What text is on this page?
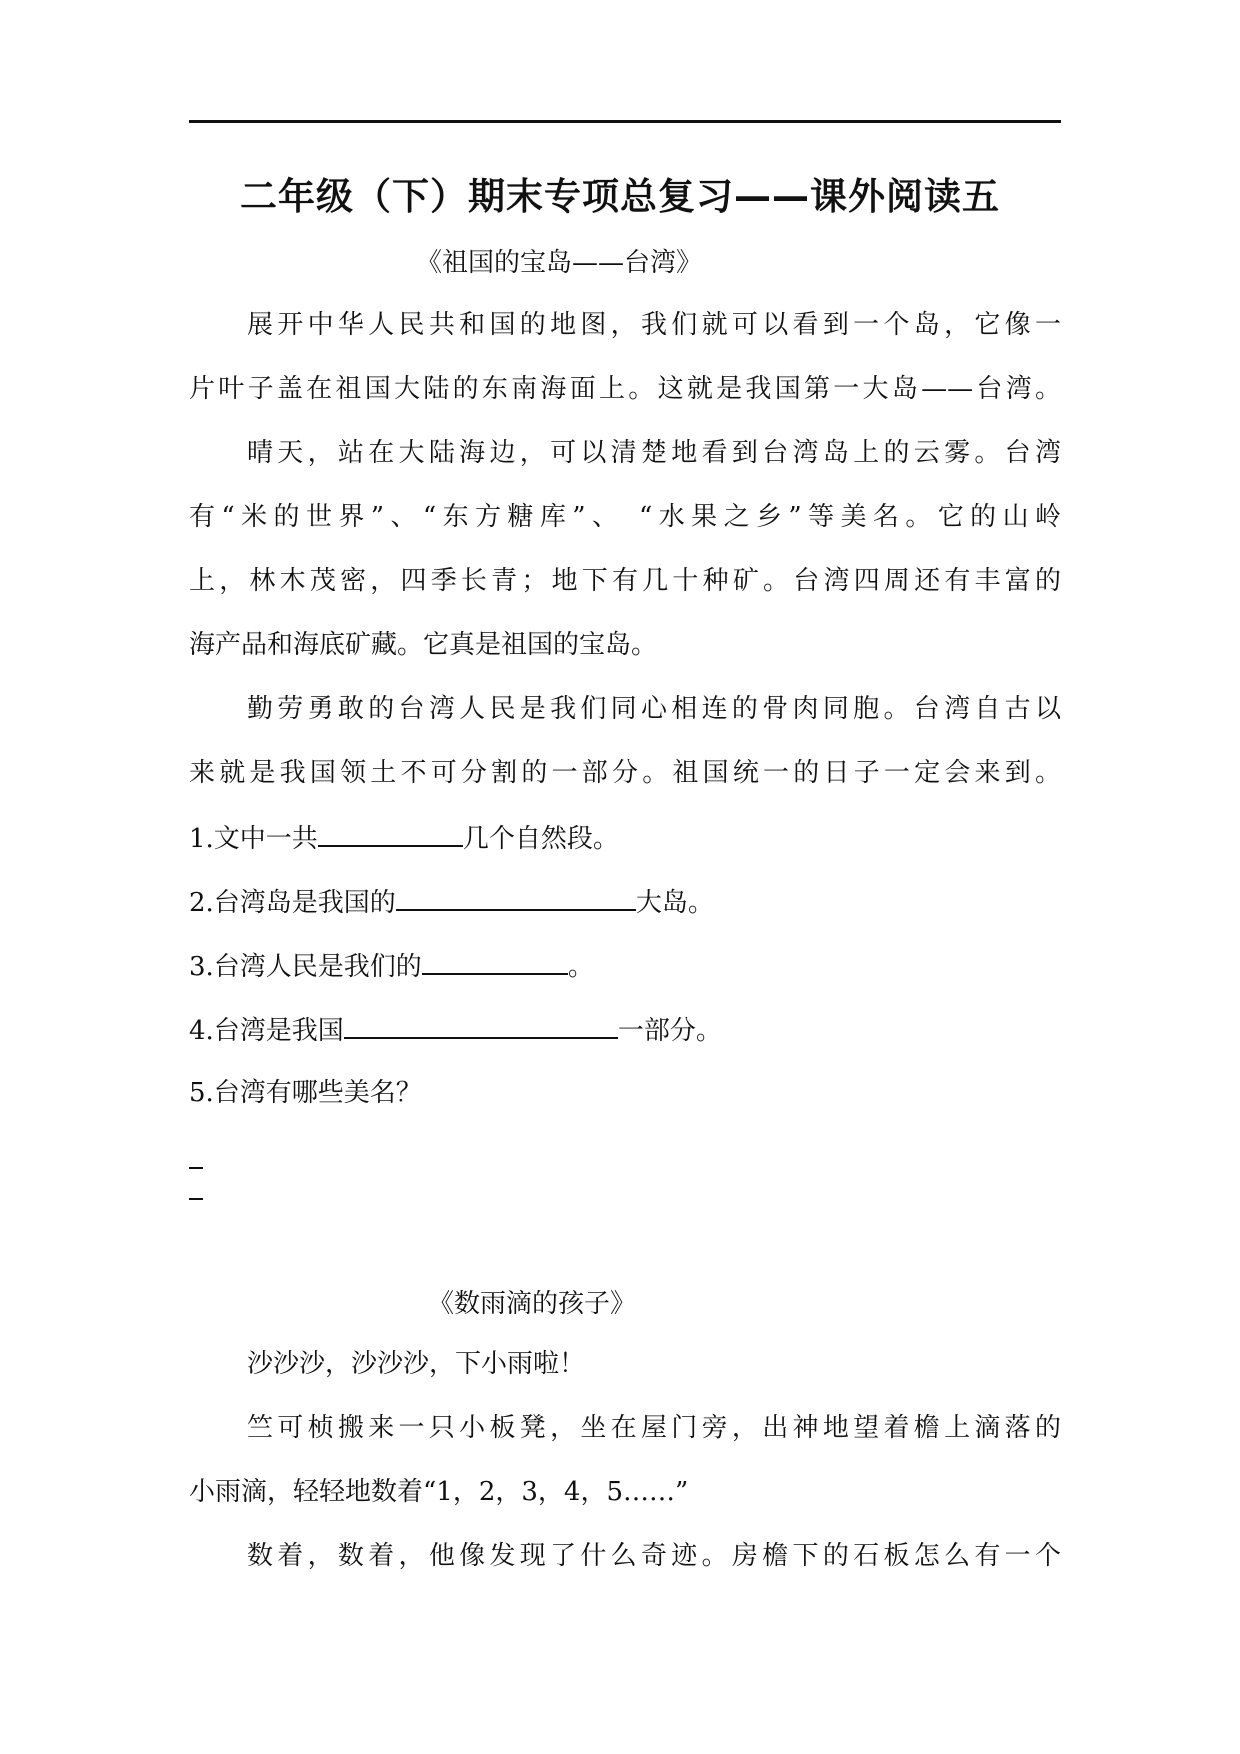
二年级（下）期末专项总复习——课外阅读五
《祖国的宝岛——台湾》
展开中华人民共和国的地图，我们就可以看到一个岛，它像一
片叶子盖在祖国大陆的东南海面上。这就是我国第一大岛——台湾。
晴天，站在大陆海边，可以清楚地看到台湾岛上的云雾。台湾
有“米的世界”、“东方糖库”、 “水果之乡”等美名。它的山岭
上，林木茂密，四季长青；地下有几十种矿。台湾四周还有丰富的
海产品和海底矿藏。它真是祖国的宝岛。
勤劳勇敢的台湾人民是我们同心相连的骨肉同胞。台湾自古以
来就是我国领土不可分割的一部分。祖国统一的日子一定会来到。
1.文中一共	几个自然段。
2.台湾岛是我国的	大岛。
3.台湾人民是我们的	。
4.台湾是我国	一部分。
5.台湾有哪些美名？
《数雨滴的孩子》
沙沙沙，沙沙沙，下小雨啦！
竺可桢搬来一只小板凳，坐在屋门旁，出神地望着檐上滴落的
小雨滴，轻轻地数着“1，2，3，4，5……”
数着，数着，他像发现了什么奇迹。房檐下的石板怎么有一个
